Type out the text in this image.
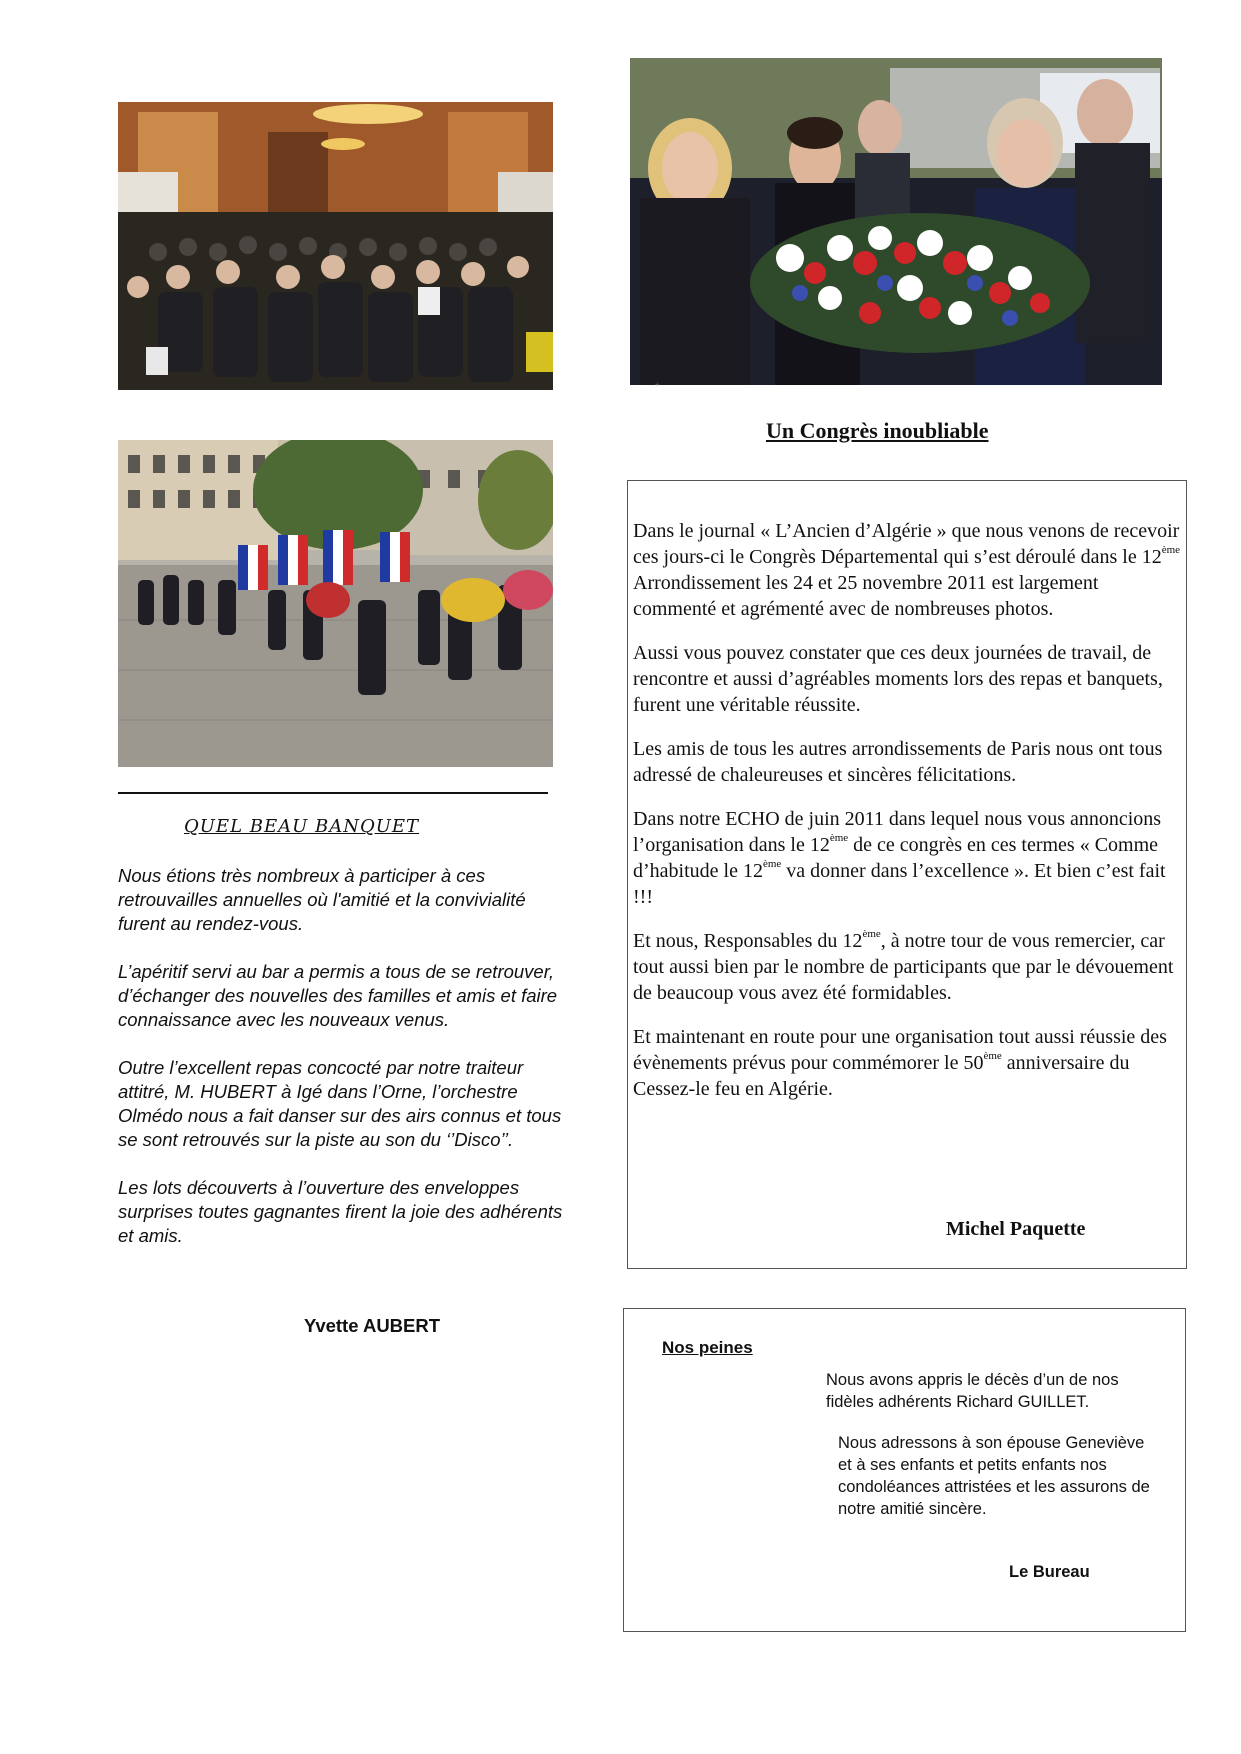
QUEL BEAU BANQUET

Nous étions très nombreux à participer à ces retrouvailles annuelles où l'amitié et la convivialité furent au rendez-vous.

L’apéritif servi au bar a permis a tous de se retrouver, d’échanger des nouvelles des familles et amis et faire connaissance avec les nouveaux venus.

Outre l’excellent repas concocté par notre traiteur attitré, M. HUBERT à Igé dans l’Orne, l’orchestre Olmédo nous a fait danser sur des airs connus et tous se sont retrouvés sur la piste au son du ‘’Disco’’.

Les lots découverts à l’ouverture des enveloppes surprises toutes gagnantes firent la joie des adhérents et amis.

Yvette AUBERT
+
Un Congrès inoubliable

Dans le journal « L’Ancien d’Algérie » que nous venons de recevoir ces jours-ci le Congrès Départemental qui s’est déroulé dans le 12ème Arrondissement les 24 et 25 novembre 2011 est largement commenté et agrémenté avec de nombreuses photos.

Aussi vous pouvez constater que ces deux journées de travail, de rencontre et aussi d’agréables moments lors des repas et banquets, furent une véritable réussite.

Les amis de tous les autres arrondissements de Paris nous ont tous adressé de chaleureuses et sincères félicitations.

Dans notre ECHO de juin 2011 dans lequel nous vous annoncions l’organisation dans le 12ème de ce congrès en ces termes « Comme d’habitude le 12ème va donner dans l’excellence ». Et bien c’est fait !!!

Et nous, Responsables du 12ème, à notre tour de vous remercier, car tout aussi bien par le nombre de participants que par le dévouement de beaucoup vous avez été formidables.

Et maintenant en route pour une organisation tout aussi réussie des évènements prévus pour commémorer le 50ème anniversaire du Cessez-le feu en Algérie.

Michel Paquette
Nos peines
Nous avons appris le décès d’un de nos fidèles adhérents Richard GUILLET.
Nous adressons à son épouse Geneviève et à ses enfants et petits enfants nos condoléances attristées et les assurons de notre amitié sincère.
Le Bureau
